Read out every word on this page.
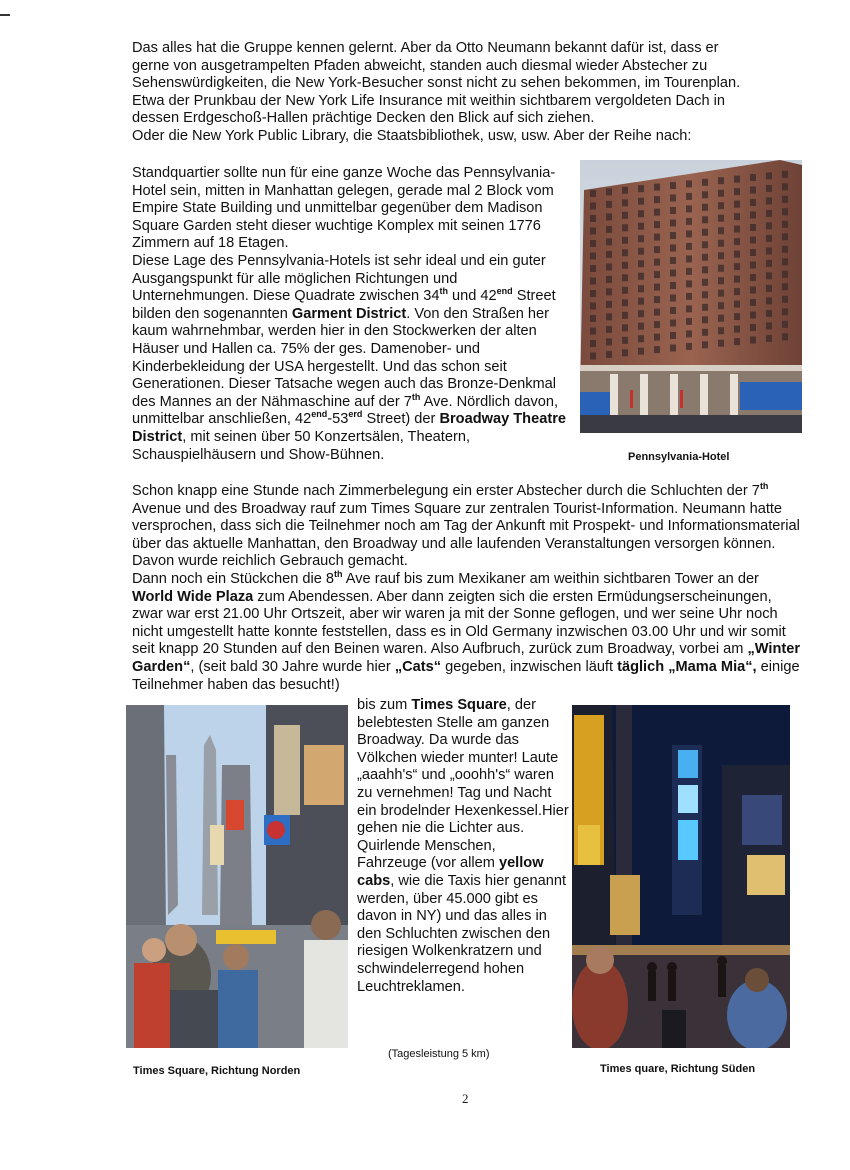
Das alles hat die Gruppe kennen gelernt. Aber da Otto Neumann bekannt dafür ist, dass er
gerne von ausgetrampelten Pfaden abweicht, standen auch diesmal wieder Abstecher zu
Sehenswürdigkeiten, die New York-Besucher sonst nicht zu sehen bekommen, im Tourenplan.
Etwa der Prunkbau der New York Life Insurance mit weithin sichtbarem vergoldeten Dach in
dessen Erdgeschoß-Hallen prächtige Decken den Blick auf sich ziehen.
Oder die New York Public Library, die Staatsbibliothek, usw, usw. Aber der Reihe nach:
Standquartier sollte nun für eine ganze Woche das Pennsylvania-Hotel sein, mitten in Manhattan gelegen, gerade mal 2 Block vom Empire State Building und unmittelbar gegenüber dem Madison Square Garden steht dieser wuchtige Komplex mit seinen 1776 Zimmern auf 18 Etagen.
Diese Lage des Pennsylvania-Hotels ist sehr ideal und ein guter Ausgangspunkt für alle möglichen Richtungen und Unternehmungen. Diese Quadrate zwischen 34th und $42^{end}$ Street bilden den sogenannten Garment District. Von den Straßen her kaum wahrnehmbar, werden hier in den Stockwerken der alten Häuser und Hallen ca. 75% der ges. Damenober- und Kinderbekleidung der USA hergestellt. Und das schon seit Generationen. Dieser Tatsache wegen auch das Bronze-Denkmal des Mannes an der Nähmaschine auf der 7th Ave. Nördlich davon, unmittelbar anschließen, $42^{end}-53^{erd}$ Street) der Broadway Theatre District, mit seinen über 50 Konzertsälen, Theatern, Schauspielhäusern und Show-Bühnen.	Pennsylvania-Hotel
Schon knapp eine Stunde nach Zimmerbelegung ein erster Abstecher durch die Schluchten der 7th Avenue und des Broadway rauf zum Times Square zur zentralen Tourist-Information. Neumann hatte versprochen, dass sich die Teilnehmer noch am Tag der Ankunft mit Prospekt- und Informationsmaterial über das aktuelle Manhattan, den Broadway und alle laufenden Veranstaltungen versorgen können. Davon wurde reichlich Gebrauch gemacht.
Dann noch ein Stückchen die 8th Ave rauf bis zum Mexikaner am weithin sichtbaren Tower an der World Wide Plaza zum Abendessen. Aber dann zeigten sich die ersten Ermüdungserscheinungen, zwar war erst 21.00 Uhr Ortszeit, aber wir waren ja mit der Sonne geflogen, und wer seine Uhr noch nicht umgestellt hatte konnte feststellen, dass es in Old Germany inzwischen 03.00 Uhr und wir somit seit knapp 20 Stunden auf den Beinen waren. Also Aufbruch, zurück zum Broadway, vorbei am „Winter Garden“, (seit bald 30 Jahre wurde hier „Cats“ gegeben, inzwischen läuft täglich „Mama Mia“, einige Teilnehmer haben das besucht!)
Times Square, Richtung Norden
bis zum Times Square, der belebtesten Stelle am ganzen Broadway. Da wurde das Völkchen wieder munter! Laute „aaahh's“ und „ooohh's“ waren zu vernehmen! Tag und Nacht ein brodelnder Hexenkessel.Hier gehen nie die Lichter aus. Quirlende Menschen, Fahrzeuge (vor allem yellow cabs, wie die Taxis hier genannt werden, über 45.000 gibt es davon in NY) und das alles in den Schluchten zwischen den riesigen Wolkenkratzern und schwindelerregend hohen Leuchtreklamen.
(Tagesleistung 5 km)
Times quare, Richtung Süden
2
